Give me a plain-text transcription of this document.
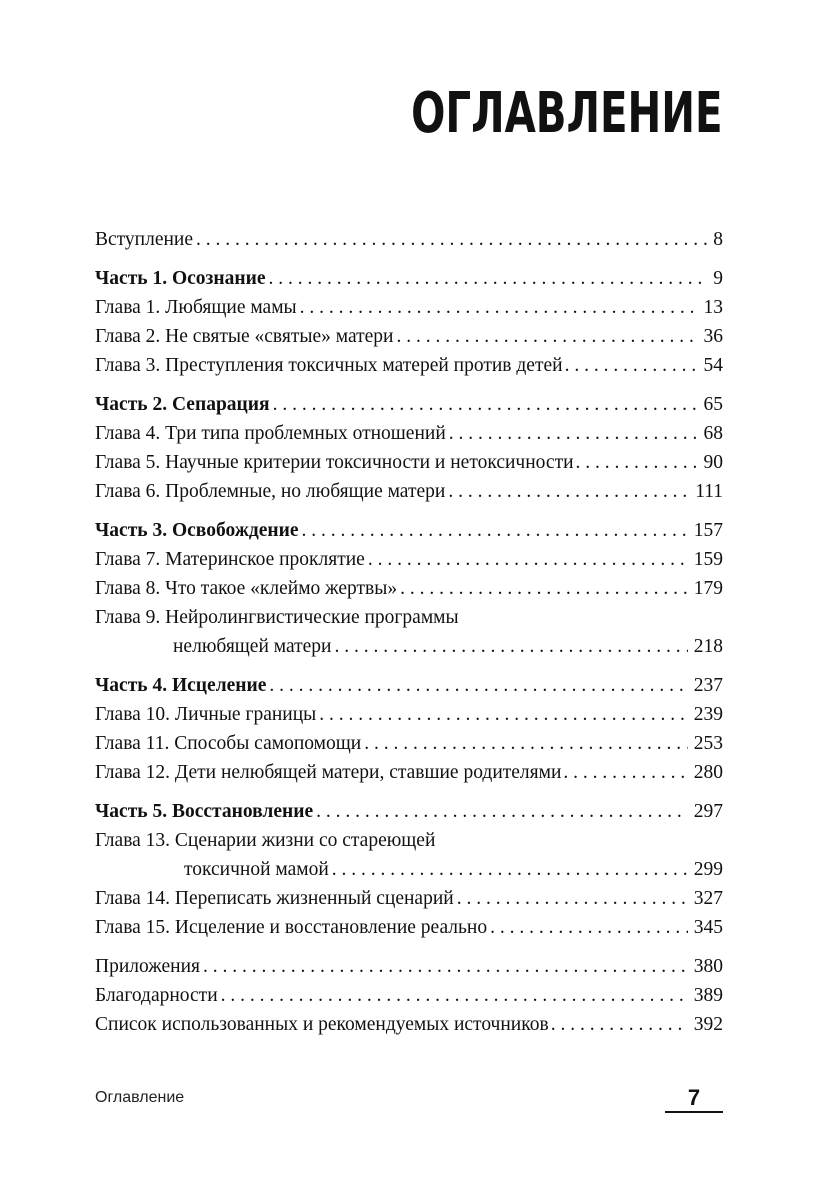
ОГЛАВЛЕНИЕ
Вступление . . .	8
Часть 1. Осознание . . .	9
Глава 1. Любящие мамы . . .	13
Глава 2. Не святые «святые» матери . . .	36
Глава 3. Преступления токсичных матерей против детей . . .	54
Часть 2. Сепарация . . .	65
Глава 4. Три типа проблемных отношений . . .	68
Глава 5. Научные критерии токсичности и нетоксичности . . .	90
Глава 6. Проблемные, но любящие матери . . .	111
Часть 3. Освобождение . . .	157
Глава 7. Материнское проклятие . . .	159
Глава 8. Что такое «клеймо жертвы» . . .	179
Глава 9. Нейролингвистические программы
нелюбящей матери . . .	218
Часть 4. Исцеление . . .	237
Глава 10. Личные границы . . .	239
Глава 11. Способы самопомощи . . .	253
Глава 12. Дети нелюбящей матери, ставшие родителями . . .	280
Часть 5. Восстановление . . .	297
Глава 13. Сценарии жизни со стареющей
токсичной мамой . . .	299
Глава 14. Переписать жизненный сценарий . . .	327
Глава 15. Исцеление и восстановление реально . . .	345
Приложения . . .	380
Благодарности . . .	389
Список использованных и рекомендуемых источников . . .	392
Оглавление	7
